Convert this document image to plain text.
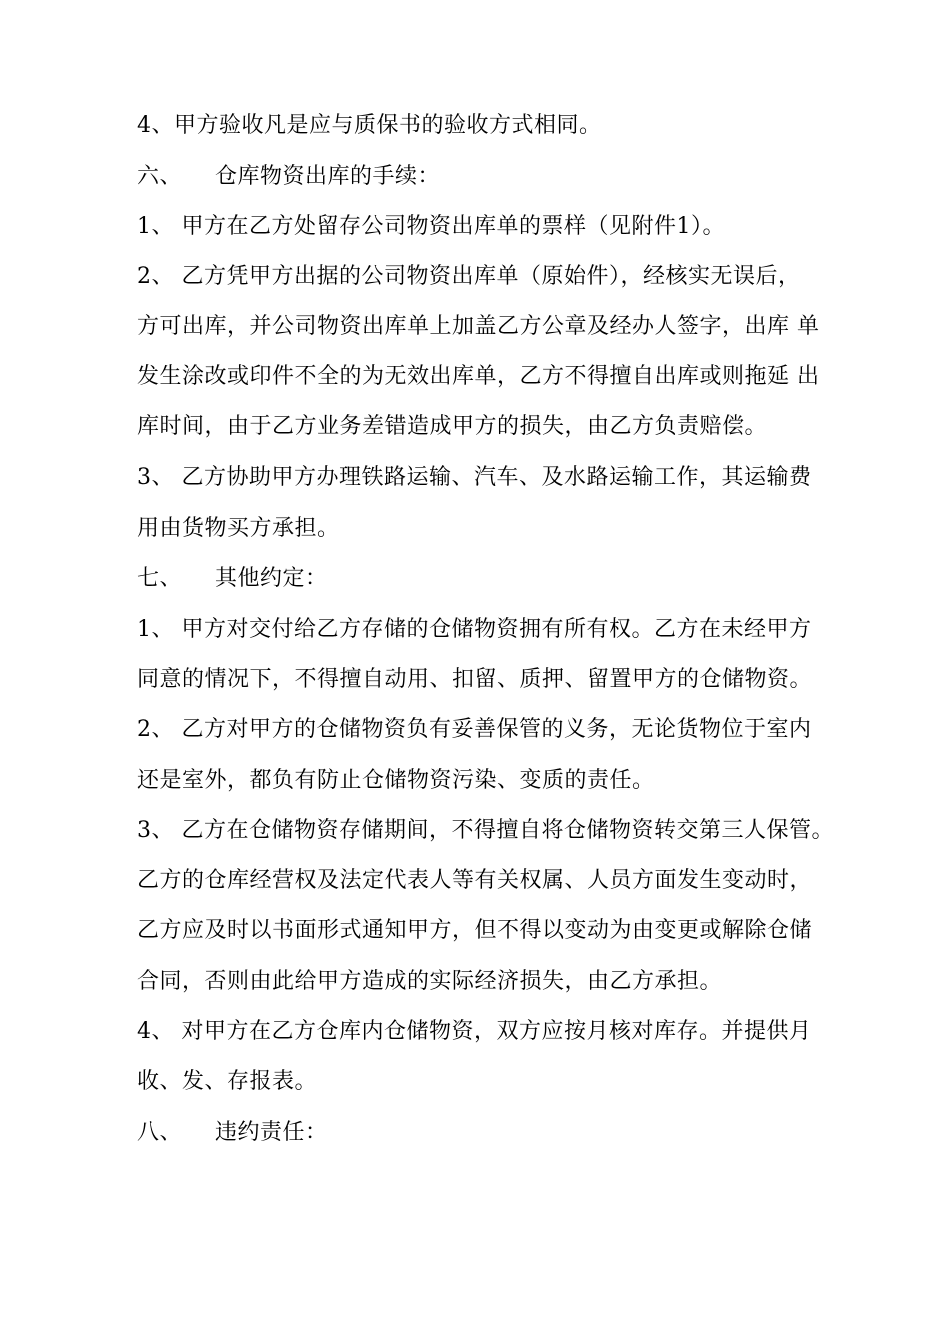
4、甲方验收凡是应与质保书的验收方式相同。
六、 仓库物资出库的手续：
1、 甲方在乙方处留存公司物资出库单的票样（见附件1）。
2、 乙方凭甲方出据的公司物资出库单（原始件），经核实无误后，
方可出库，并公司物资出库单上加盖乙方公章及经办人签字，出库 单
发生涂改或印件不全的为无效出库单，乙方不得擅自出库或则拖延 出
库时间，由于乙方业务差错造成甲方的损失，由乙方负责赔偿。
3、 乙方协助甲方办理铁路运输、汽车、及水路运输工作，其运输费
用由货物买方承担。
七、 其他约定：
1、 甲方对交付给乙方存储的仓储物资拥有所有权。乙方在未经甲方
同意的情况下，不得擅自动用、扣留、质押、留置甲方的仓储物资。
2、 乙方对甲方的仓储物资负有妥善保管的义务，无论货物位于室内
还是室外，都负有防止仓储物资污染、变质的责任。
3、 乙方在仓储物资存储期间，不得擅自将仓储物资转交第三人保管。
乙方的仓库经营权及法定代表人等有关权属、人员方面发生变动时，
乙方应及时以书面形式通知甲方，但不得以变动为由变更或解除仓储
合同，否则由此给甲方造成的实际经济损失，由乙方承担。
4、 对甲方在乙方仓库内仓储物资，双方应按月核对库存。并提供月
收、发、存报表。
八、 违约责任：
